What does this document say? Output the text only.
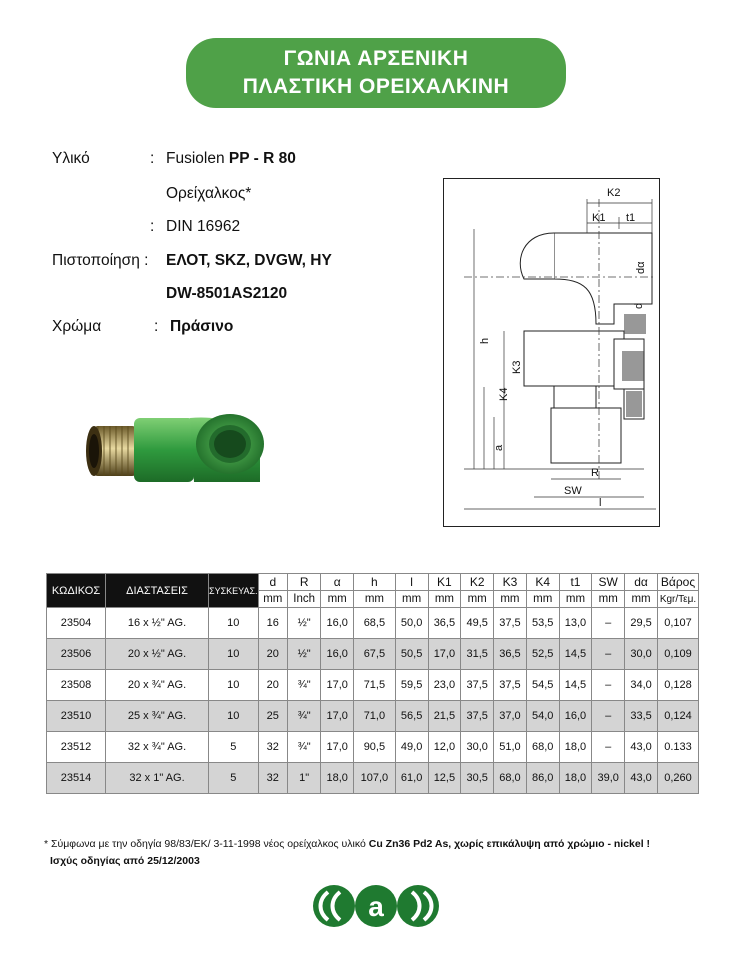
ΓΩΝΙΑ ΑΡΣΕΝΙΚΗ
ΠΛΑΣΤΙΚΗ ΟΡΕΙΧΑΛΚΙΝΗ
Υλικό	: Fusiolen PP - R 80
Ορείχαλκος*
: DIN 16962
Πιστοποίηση : ΕΛΟΤ, SKZ, DVGW, HY
DW-8501AS2120
Χρώμα	: Πράσινο
K2
K1 t1
dα
d
h
K3
K4
a
R
SW
l
ΚΩΔΙΚΟΣ	ΔΙΑΣΤΑΣΕΙΣ	ΣΥΣΚΕΥΑΣ.	d	R	α	h	l	K1	K2	K3	K4	t1	SW	dα	Βάρος
			mm	Inch	mm	mm	mm	mm	mm	mm	mm	mm	mm	mm	Kgr/Τεμ.
23504	16 x ½" AG.	10	16	½"	16,0	68,5	50,0	36,5	49,5	37,5	53,5	13,0	–	29,5	0,107
23506	20 x ½" AG.	10	20	½"	16,0	67,5	50,5	17,0	31,5	36,5	52,5	14,5	–	30,0	0,109
23508	20 x ¾" AG.	10	20	¾"	17,0	71,5	59,5	23,0	37,5	37,5	54,5	14,5	–	34,0	0,128
23510	25 x ¾" AG.	10	25	¾"	17,0	71,0	56,5	21,5	37,5	37,0	54,0	16,0	–	33,5	0,124
23512	32 x ¾" AG.	5	32	¾"	17,0	90,5	49,0	12,0	30,0	51,0	68,0	18,0	–	43,0	0.133
23514	32 x 1" AG.	5	32	1"	18,0	107,0	61,0	12,5	30,5	68,0	86,0	18,0	39,0	43,0	0,260
* Σύμφωνα με την οδηγία 98/83/ΕΚ/ 3-11-1998 νέος ορείχαλκος υλικό Cu Zn36 Pd2 As, χωρίς επικάλυψη από χρώμιο - nickel !
Ισχύς οδηγίας από 25/12/2003
a
